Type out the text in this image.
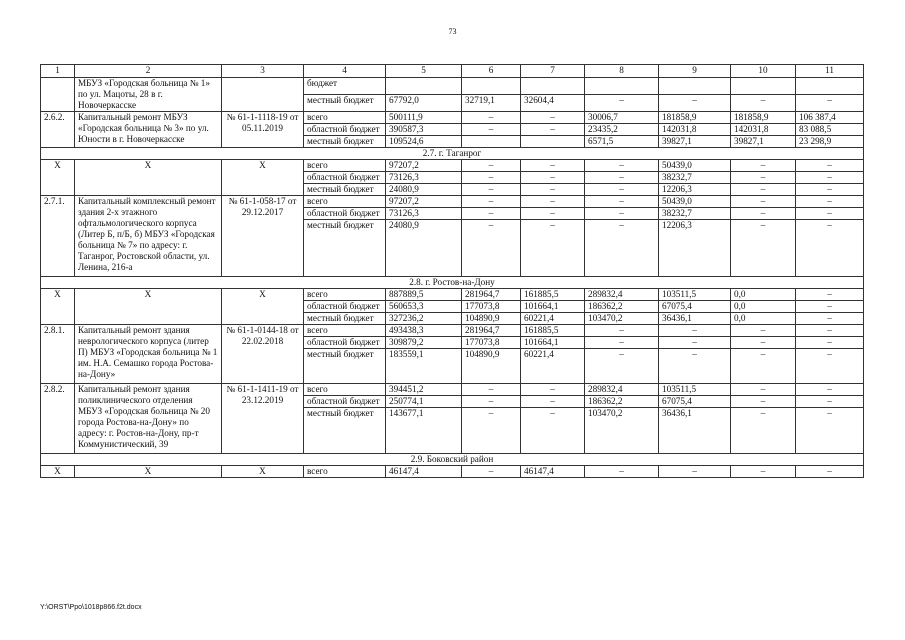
73
1	2	3	4	5	6	7	8	9	10	11
	МБУЗ «Городская больница № 1» по ул. Мацоты, 28 в г. Новочеркасске		бюджет							
			местный бюджет	67792,0	32719,1	32604,4	–	–	–	–
2.6.2.	Капитальный ремонт МБУЗ «Городская больница № 3» по ул. Юности в г. Новочеркасске	№ 61-1-1118-19 от 05.11.2019	всего	500111,9	–	–	30006,7	181858,9	181858,9	106 387,4
			областной бюджет	390587,3	–	–	23435,2	142031,8	142031,8	83 088,5
			местный бюджет	109524,6			6571,5	39827,1	39827,1	23 298,9
2.7. г. Таганрог										
Х	Х	Х	всего	97207,2	–	–	–	50439,0	–	–
			областной бюджет	73126,3	–	–	–	38232,7	–	–
			местный бюджет	24080,9	–	–	–	12206,3	–	–
2.7.1.	Капитальный комплексный ремонт здания 2-х этажного офтальмологического корпуса (Литер Б, п/Б, б) МБУЗ «Городская больница № 7» по адресу: г. Таганрог, Ростовской области, ул. Ленина, 216-а	№ 61-1-058-17 от 29.12.2017	всего	97207,2	–	–	–	50439,0	–	–
			областной бюджет	73126,3	–	–	–	38232,7	–	–
			местный бюджет	24080,9	–	–	–	12206,3	–	–
2.8. г. Ростов-на-Дону										
Х	Х	Х	всего	887889,5	281964,7	161885,5	289832,4	103511,5	0,0	–
			областной бюджет	560653,3	177073,8	101664,1	186362,2	67075,4	0,0	–
			местный бюджет	327236,2	104890,9	60221,4	103470,2	36436,1	0,0	–
2.8.1.	Капитальный ремонт здания неврологического корпуса (литер П) МБУЗ «Городская больница № 1 им. Н.А. Семашко города Ростова-на-Дону»	№ 61-1-0144-18 от 22.02.2018	всего	493438,3	281964,7	161885,5	–	–	–	–
			областной бюджет	309879,2	177073,8	101664,1	–	–	–	–
			местный бюджет	183559,1	104890,9	60221,4	–	–	–	–
2.8.2.	Капитальный ремонт здания поликлинического отделения МБУЗ «Городская больница № 20 города Ростова-на-Дону» по адресу: г. Ростов-на-Дону, пр-т Коммунистический, 39	№ 61-1-1411-19 от 23.12.2019	всего	394451,2	–	–	289832,4	103511,5	–	–
			областной бюджет	250774,1	–	–	186362,2	67075,4	–	–
			местный бюджет	143677,1	–	–	103470,2	36436,1	–	–
2.9. Боковский район										
Х	Х	Х	всего	46147,4	–	46147,4	–	–	–	–
Y:\ORST\Ppo\1018p866.f2t.docx
